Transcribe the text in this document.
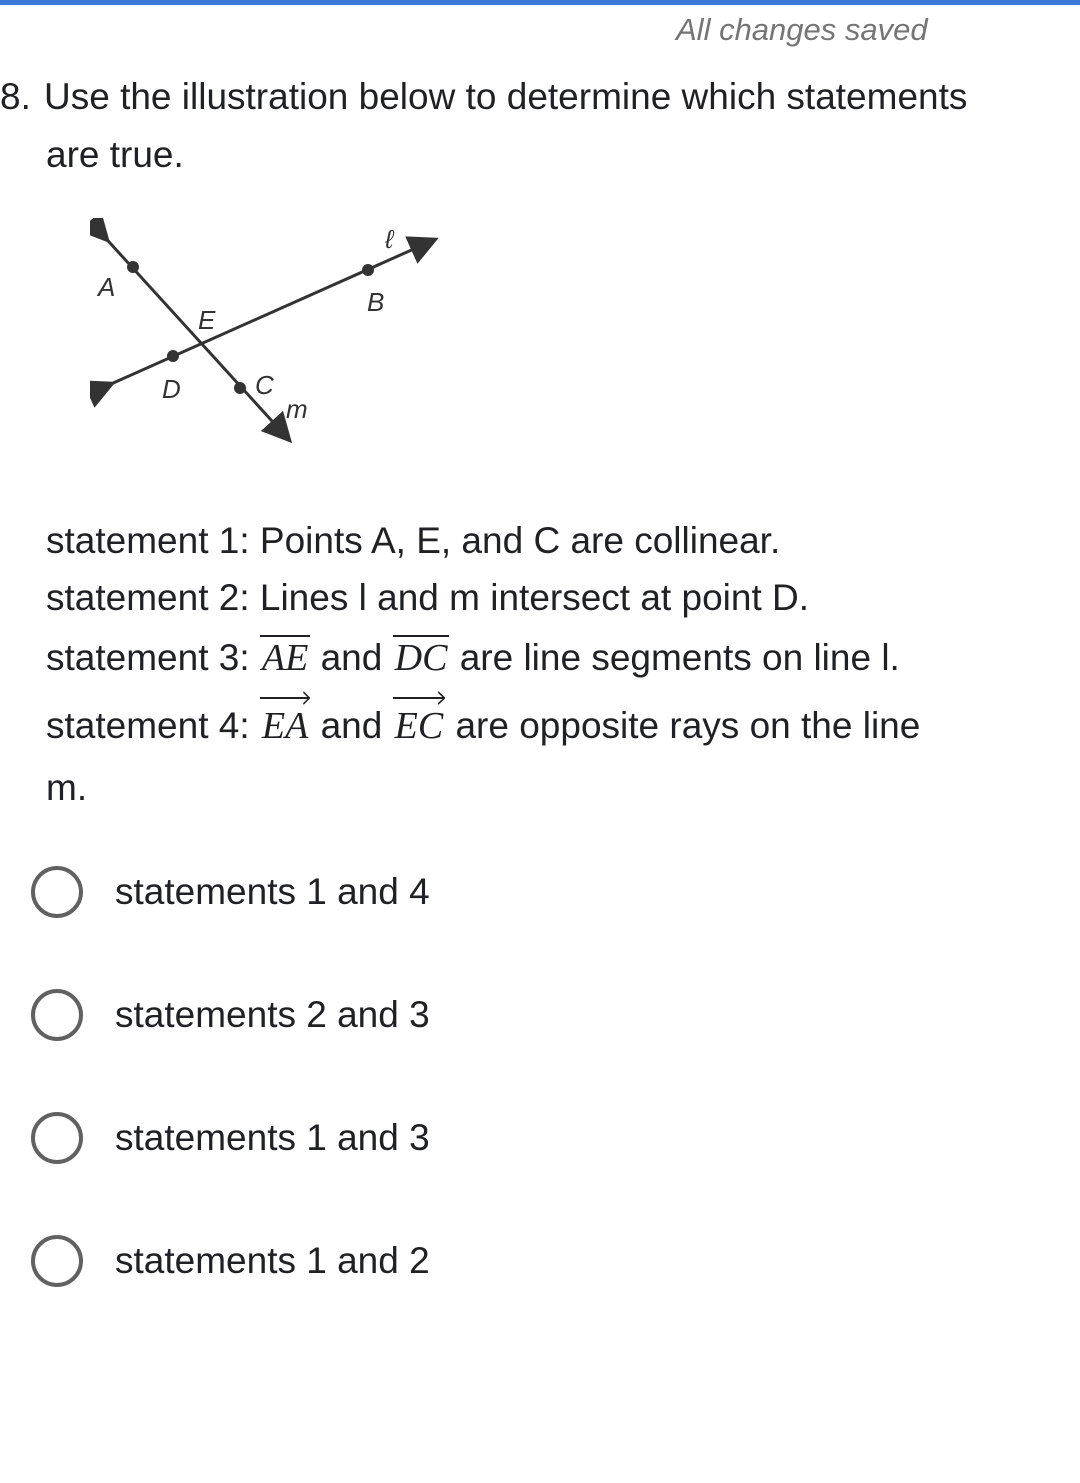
All changes saved
8. Use the illustration below to determine which statements
are true.
A	B
E
D	C
ℓ
m
statement 1: Points A, E, and C are collinear.
statement 2: Lines l and m intersect at point D.
statement 3: AE and DC are line segments on line l.
statement 4:
EA and
EC are opposite rays on the line
m.
statements 1 and 4
statements 2 and 3
statements 1 and 3
statements 1 and 2
